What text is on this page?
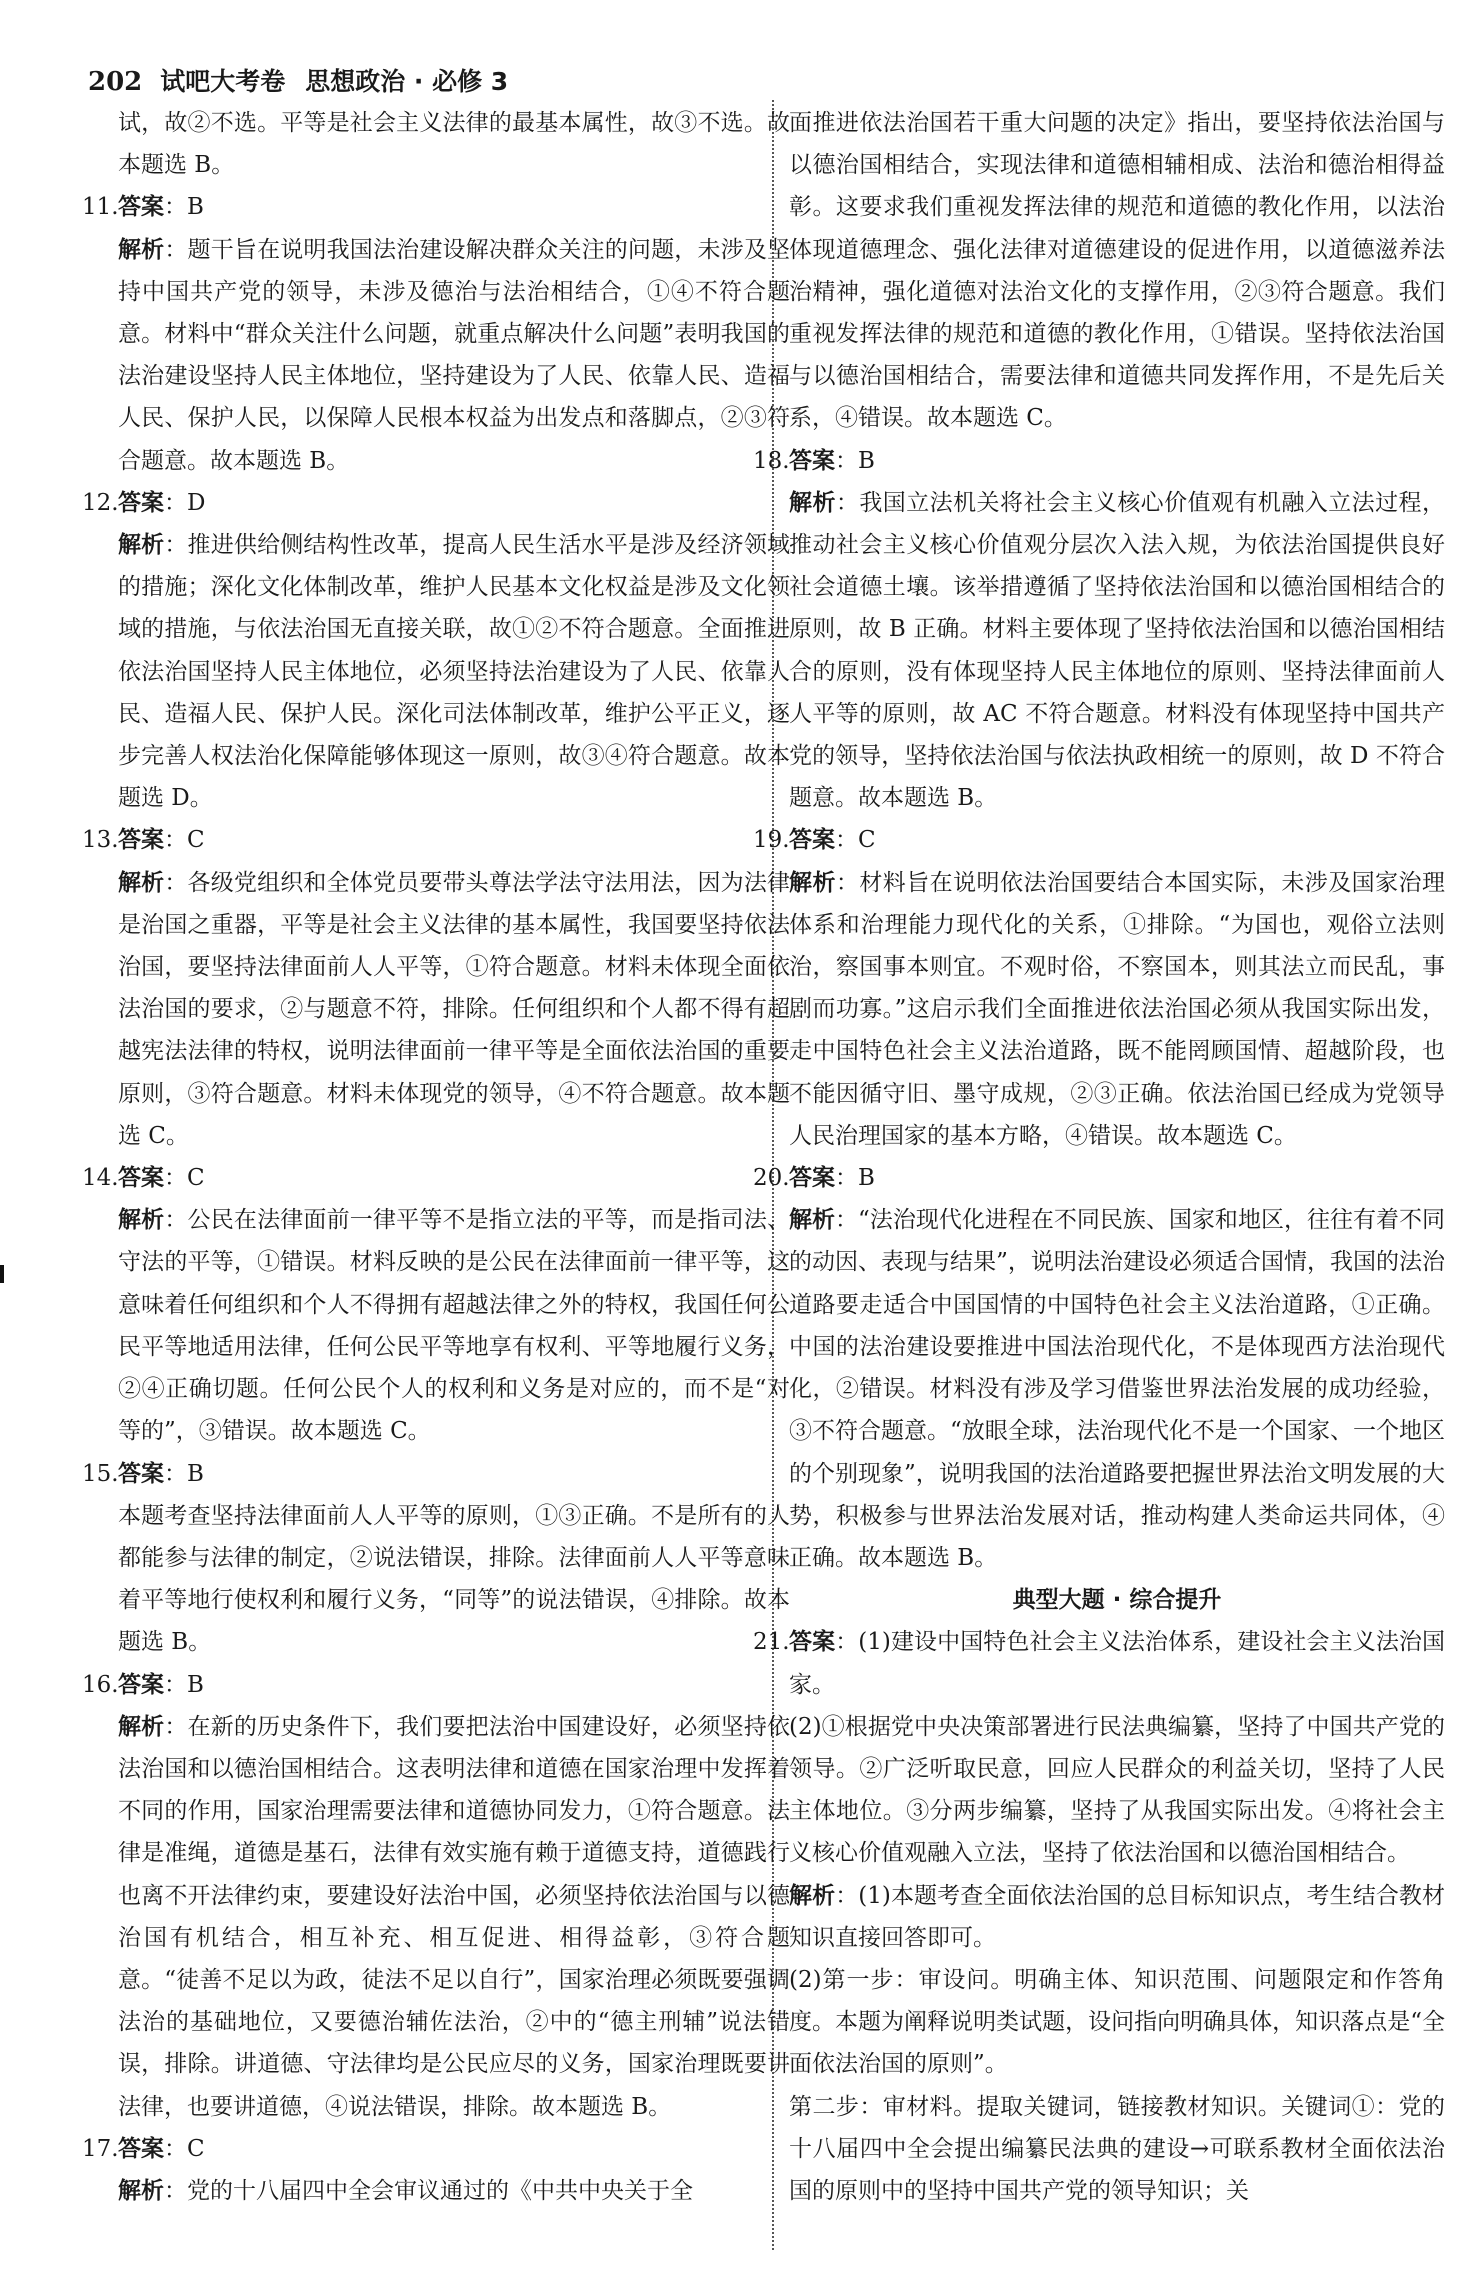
202 试吧大考卷 思想政治 · 必修 3
试，故②不选。平等是社会主义法律的最基本属性，故③不选。故本题选 B。
11. 答案：B
解析：题干旨在说明我国法治建设解决群众关注的问题，未涉及坚持中国共产党的领导，未涉及德治与法治相结合，①④不符合题意。材料中“群众关注什么问题，就重点解决什么问题”表明我国的法治建设坚持人民主体地位，坚持建设为了人民、依靠人民、造福人民、保护人民，以保障人民根本权益为出发点和落脚点，②③符合题意。故本题选 B。
12. 答案：D
解析：推进供给侧结构性改革，提高人民生活水平是涉及经济领域的措施；深化文化体制改革，维护人民基本文化权益是涉及文化领域的措施，与依法治国无直接关联，故①②不符合题意。全面推进依法治国坚持人民主体地位，必须坚持法治建设为了人民、依靠人民、造福人民、保护人民。深化司法体制改革，维护公平正义，逐步完善人权法治化保障能够体现这一原则，故③④符合题意。故本题选 D。
13. 答案：C
解析：各级党组织和全体党员要带头尊法学法守法用法，因为法律是治国之重器，平等是社会主义法律的基本属性，我国要坚持依法治国，要坚持法律面前人人平等，①符合题意。材料未体现全面依法治国的要求，②与题意不符，排除。任何组织和个人都不得有超越宪法法律的特权，说明法律面前一律平等是全面依法治国的重要原则，③符合题意。材料未体现党的领导，④不符合题意。故本题选 C。
14. 答案：C
解析：公民在法律面前一律平等不是指立法的平等，而是指司法、守法的平等，①错误。材料反映的是公民在法律面前一律平等，这意味着任何组织和个人不得拥有超越法律之外的特权，我国任何公民平等地适用法律，任何公民平等地享有权利、平等地履行义务，②④正确切题。任何公民个人的权利和义务是对应的，而不是“对等的”，③错误。故本题选 C。
15. 答案：B
本题考查坚持法律面前人人平等的原则，①③正确。不是所有的人都能参与法律的制定，②说法错误，排除。法律面前人人平等意味着平等地行使权利和履行义务，“同等”的说法错误，④排除。故本题选 B。
16. 答案：B
解析：在新的历史条件下，我们要把法治中国建设好，必须坚持依法治国和以德治国相结合。这表明法律和道德在国家治理中发挥着不同的作用，国家治理需要法律和道德协同发力，①符合题意。法律是准绳，道德是基石，法律有效实施有赖于道德支持，道德践行也离不开法律约束，要建设好法治中国，必须坚持依法治国与以德治国有机结合，相互补充、相互促进、相得益彰，③符合题意。“徒善不足以为政，徒法不足以自行”，国家治理必须既要强调法治的基础地位，又要德治辅佐法治，②中的“德主刑辅”说法错误，排除。讲道德、守法律均是公民应尽的义务，国家治理既要讲法律，也要讲道德，④说法错误，排除。故本题选 B。
17. 答案：C
解析：党的十八届四中全会审议通过的《中共中央关于全
面推进依法治国若干重大问题的决定》指出，要坚持依法治国与以德治国相结合，实现法律和道德相辅相成、法治和德治相得益彰。这要求我们重视发挥法律的规范和道德的教化作用，以法治体现道德理念、强化法律对道德建设的促进作用，以道德滋养法治精神，强化道德对法治文化的支撑作用，②③符合题意。我们重视发挥法律的规范和道德的教化作用，①错误。坚持依法治国与以德治国相结合，需要法律和道德共同发挥作用，不是先后关系，④错误。故本题选 C。
18. 答案：B
解析：我国立法机关将社会主义核心价值观有机融入立法过程，推动社会主义核心价值观分层次入法入规，为依法治国提供良好社会道德土壤。该举措遵循了坚持依法治国和以德治国相结合的原则，故 B 正确。材料主要体现了坚持依法治国和以德治国相结合的原则，没有体现坚持人民主体地位的原则、坚持法律面前人人平等的原则，故 AC 不符合题意。材料没有体现坚持中国共产党的领导，坚持依法治国与依法执政相统一的原则，故 D 不符合题意。故本题选 B。
19. 答案：C
解析：材料旨在说明依法治国要结合本国实际，未涉及国家治理体系和治理能力现代化的关系，①排除。“为国也，观俗立法则治，察国事本则宜。不观时俗，不察国本，则其法立而民乱，事剧而功寡。”这启示我们全面推进依法治国必须从我国实际出发，走中国特色社会主义法治道路，既不能罔顾国情、超越阶段，也不能因循守旧、墨守成规，②③正确。依法治国已经成为党领导人民治理国家的基本方略，④错误。故本题选 C。
20. 答案：B
解析：“法治现代化进程在不同民族、国家和地区，往往有着不同的动因、表现与结果”，说明法治建设必须适合国情，我国的法治道路要走适合中国国情的中国特色社会主义法治道路，①正确。中国的法治建设要推进中国法治现代化，不是体现西方法治现代化，②错误。材料没有涉及学习借鉴世界法治发展的成功经验，③不符合题意。“放眼全球，法治现代化不是一个国家、一个地区的个别现象”，说明我国的法治道路要把握世界法治文明发展的大势，积极参与世界法治发展对话，推动构建人类命运共同体，④正确。故本题选 B。
典型大题 · 综合提升
21. 答案：(1)建设中国特色社会主义法治体系，建设社会主义法治国家。
(2)①根据党中央决策部署进行民法典编纂，坚持了中国共产党的领导。②广泛听取民意，回应人民群众的利益关切，坚持了人民主体地位。③分两步编纂，坚持了从我国实际出发。④将社会主义核心价值观融入立法，坚持了依法治国和以德治国相结合。
解析：(1)本题考查全面依法治国的总目标知识点，考生结合教材知识直接回答即可。
(2)第一步：审设问。明确主体、知识范围、问题限定和作答角度。本题为阐释说明类试题，设问指向明确具体，知识落点是“全面依法治国的原则”。
第二步：审材料。提取关键词，链接教材知识。关键词①：党的十八届四中全会提出编纂民法典的建设→可联系教材全面依法治国的原则中的坚持中国共产党的领导知识；关
